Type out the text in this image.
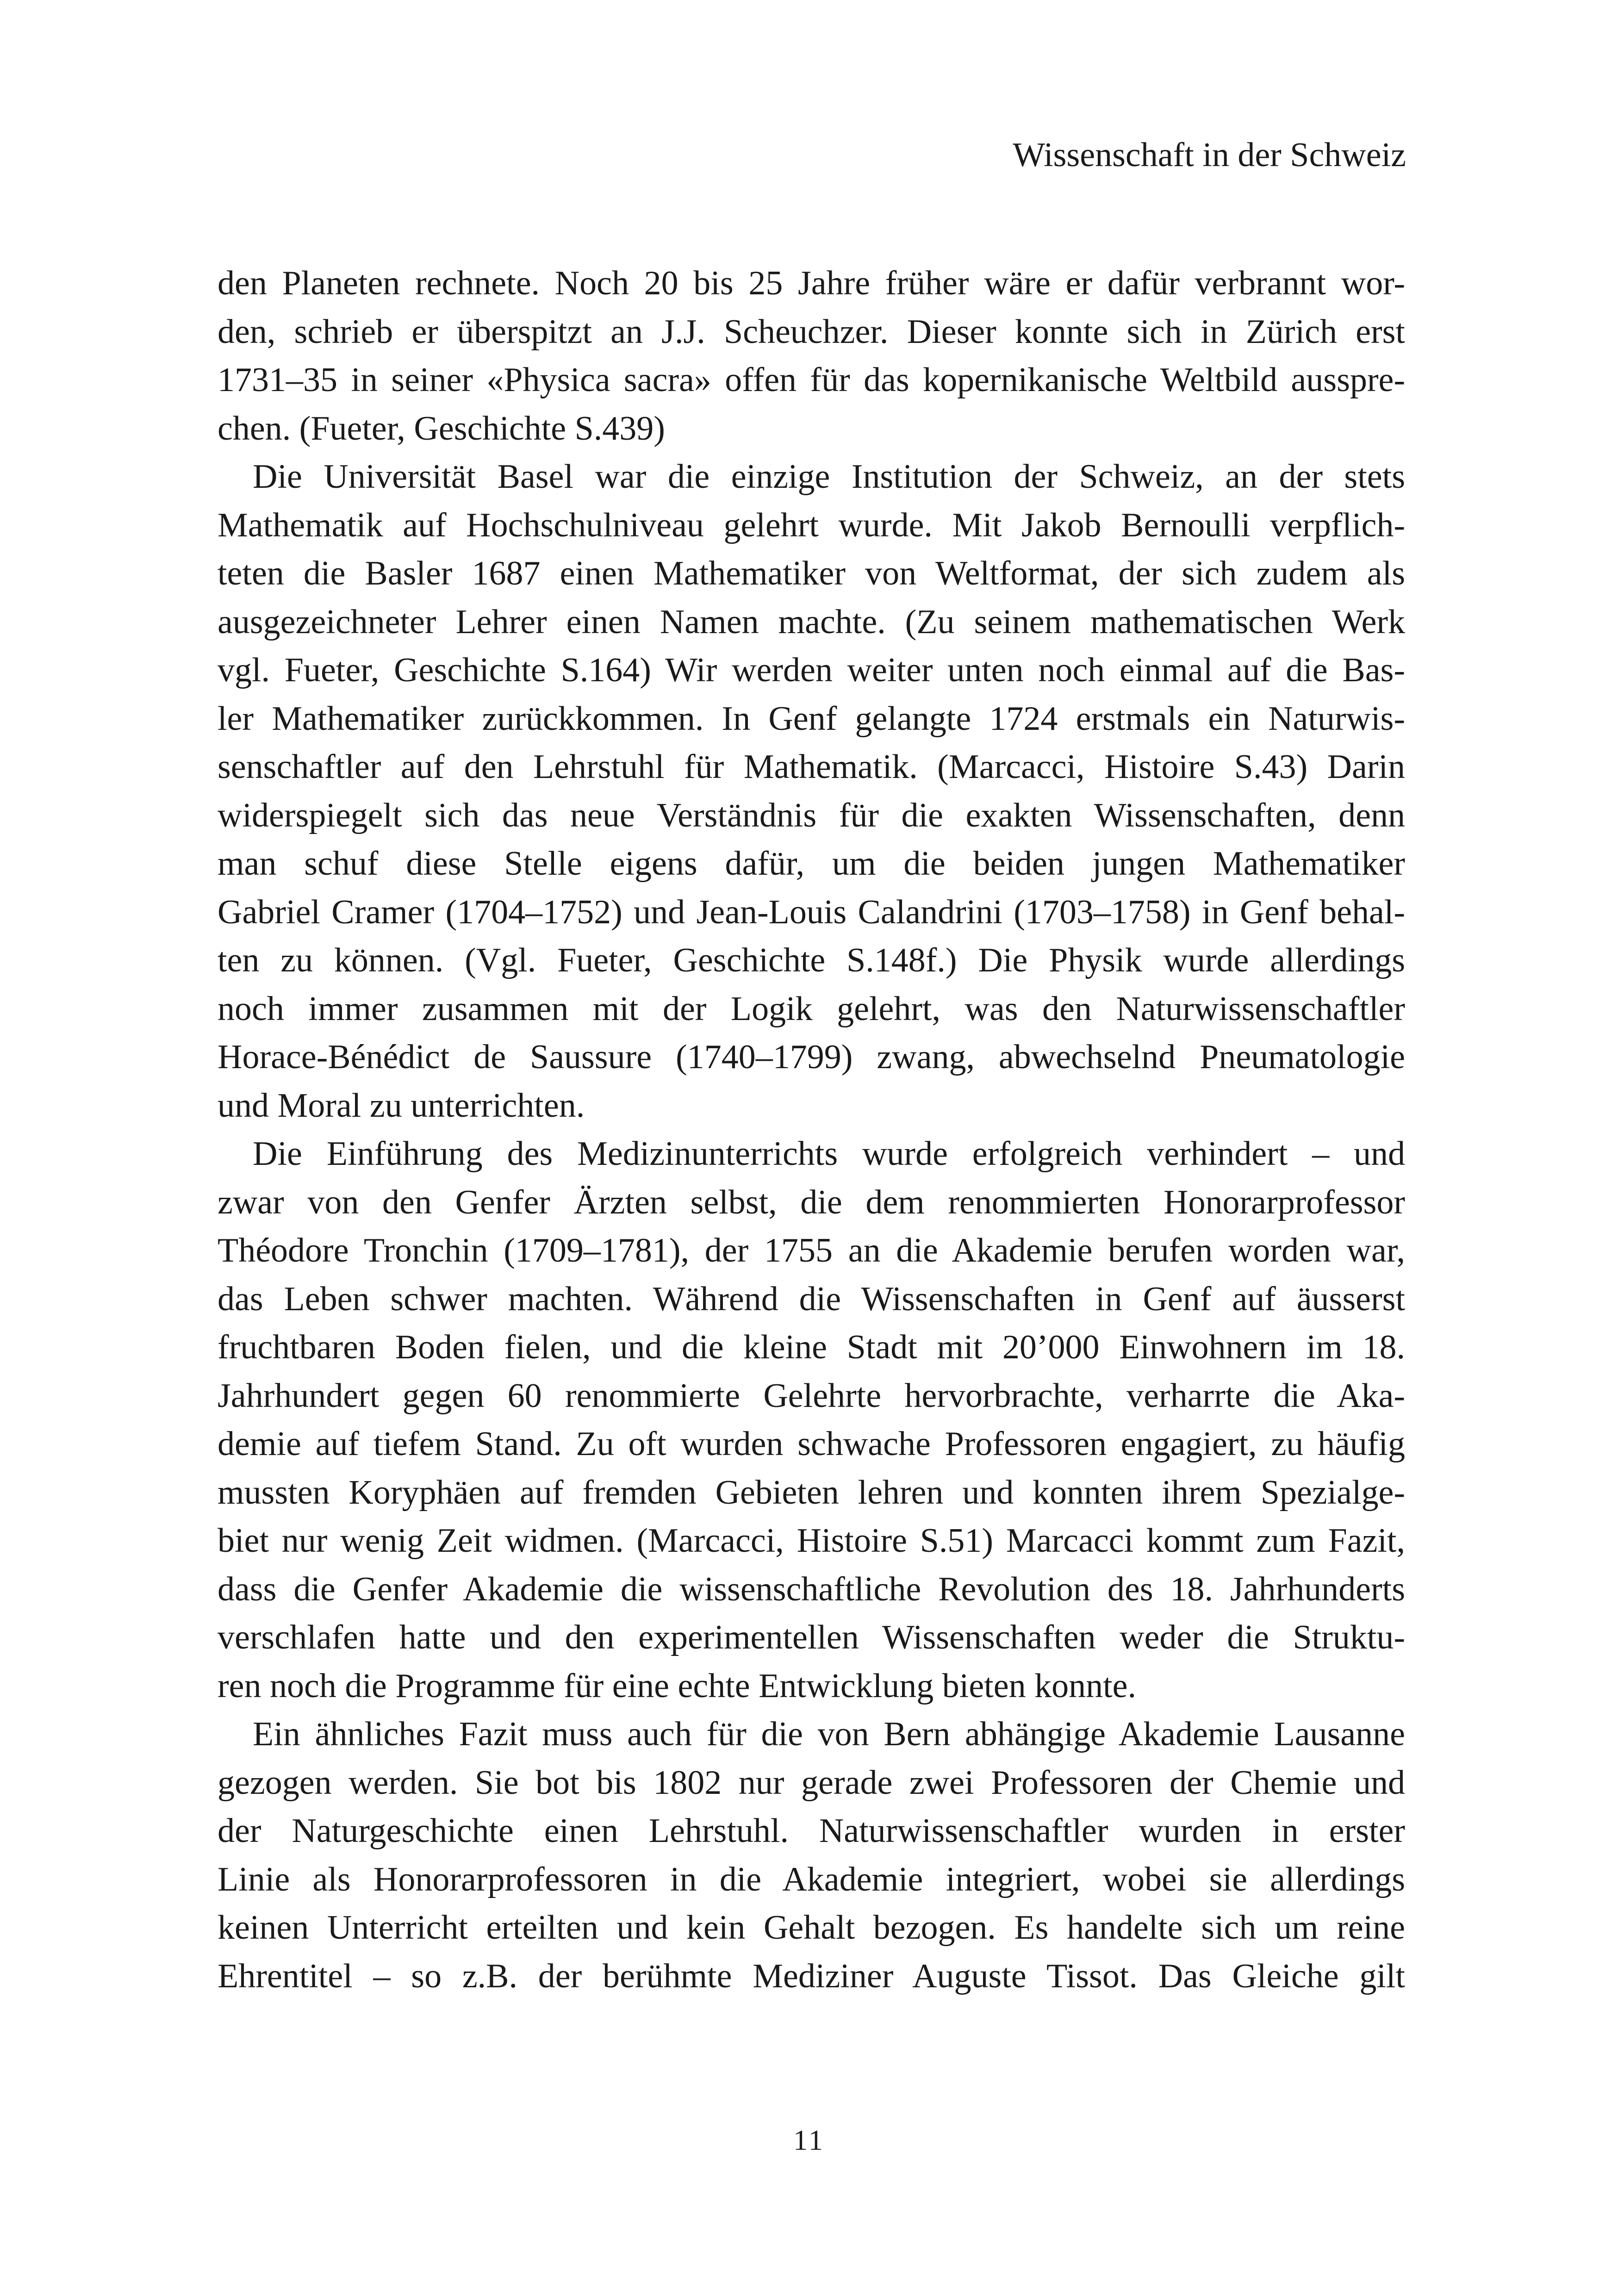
Wissenschaft in der Schweiz
den Planeten rechnete. Noch 20 bis 25 Jahre früher wäre er dafür verbrannt wor-
den, schrieb er überspitzt an J.J. Scheuchzer. Dieser konnte sich in Zürich erst
1731–35 in seiner «Physica sacra» offen für das kopernikanische Weltbild ausspre-
chen. (Fueter, Geschichte S.439)
Die Universität Basel war die einzige Institution der Schweiz, an der stets
Mathematik auf Hochschulniveau gelehrt wurde. Mit Jakob Bernoulli verpflich-
teten die Basler 1687 einen Mathematiker von Weltformat, der sich zudem als
ausgezeichneter Lehrer einen Namen machte. (Zu seinem mathematischen Werk
vgl. Fueter, Geschichte S.164) Wir werden weiter unten noch einmal auf die Bas-
ler Mathematiker zurückkommen. In Genf gelangte 1724 erstmals ein Naturwis-
senschaftler auf den Lehrstuhl für Mathematik. (Marcacci, Histoire S.43) Darin
widerspiegelt sich das neue Verständnis für die exakten Wissenschaften, denn
man schuf diese Stelle eigens dafür, um die beiden jungen Mathematiker
Gabriel Cramer (1704–1752) und Jean-Louis Calandrini (1703–1758) in Genf behal-
ten zu können. (Vgl. Fueter, Geschichte S.148f.) Die Physik wurde allerdings
noch immer zusammen mit der Logik gelehrt, was den Naturwissenschaftler
Horace-Bénédict de Saussure (1740–1799) zwang, abwechselnd Pneumatologie
und Moral zu unterrichten.
Die Einführung des Medizinunterrichts wurde erfolgreich verhindert – und
zwar von den Genfer Ärzten selbst, die dem renommierten Honorarprofessor
Théodore Tronchin (1709–1781), der 1755 an die Akademie berufen worden war,
das Leben schwer machten. Während die Wissenschaften in Genf auf äusserst
fruchtbaren Boden fielen, und die kleine Stadt mit 20’000 Einwohnern im 18.
Jahrhundert gegen 60 renommierte Gelehrte hervorbrachte, verharrte die Aka-
demie auf tiefem Stand. Zu oft wurden schwache Professoren engagiert, zu häufig
mussten Koryphäen auf fremden Gebieten lehren und konnten ihrem Spezialge-
biet nur wenig Zeit widmen. (Marcacci, Histoire S.51) Marcacci kommt zum Fazit,
dass die Genfer Akademie die wissenschaftliche Revolution des 18. Jahrhunderts
verschlafen hatte und den experimentellen Wissenschaften weder die Struktu-
ren noch die Programme für eine echte Entwicklung bieten konnte.
Ein ähnliches Fazit muss auch für die von Bern abhängige Akademie Lausanne
gezogen werden. Sie bot bis 1802 nur gerade zwei Professoren der Chemie und
der Naturgeschichte einen Lehrstuhl. Naturwissenschaftler wurden in erster
Linie als Honorarprofessoren in die Akademie integriert, wobei sie allerdings
keinen Unterricht erteilten und kein Gehalt bezogen. Es handelte sich um reine
Ehrentitel – so z.B. der berühmte Mediziner Auguste Tissot. Das Gleiche gilt
11
